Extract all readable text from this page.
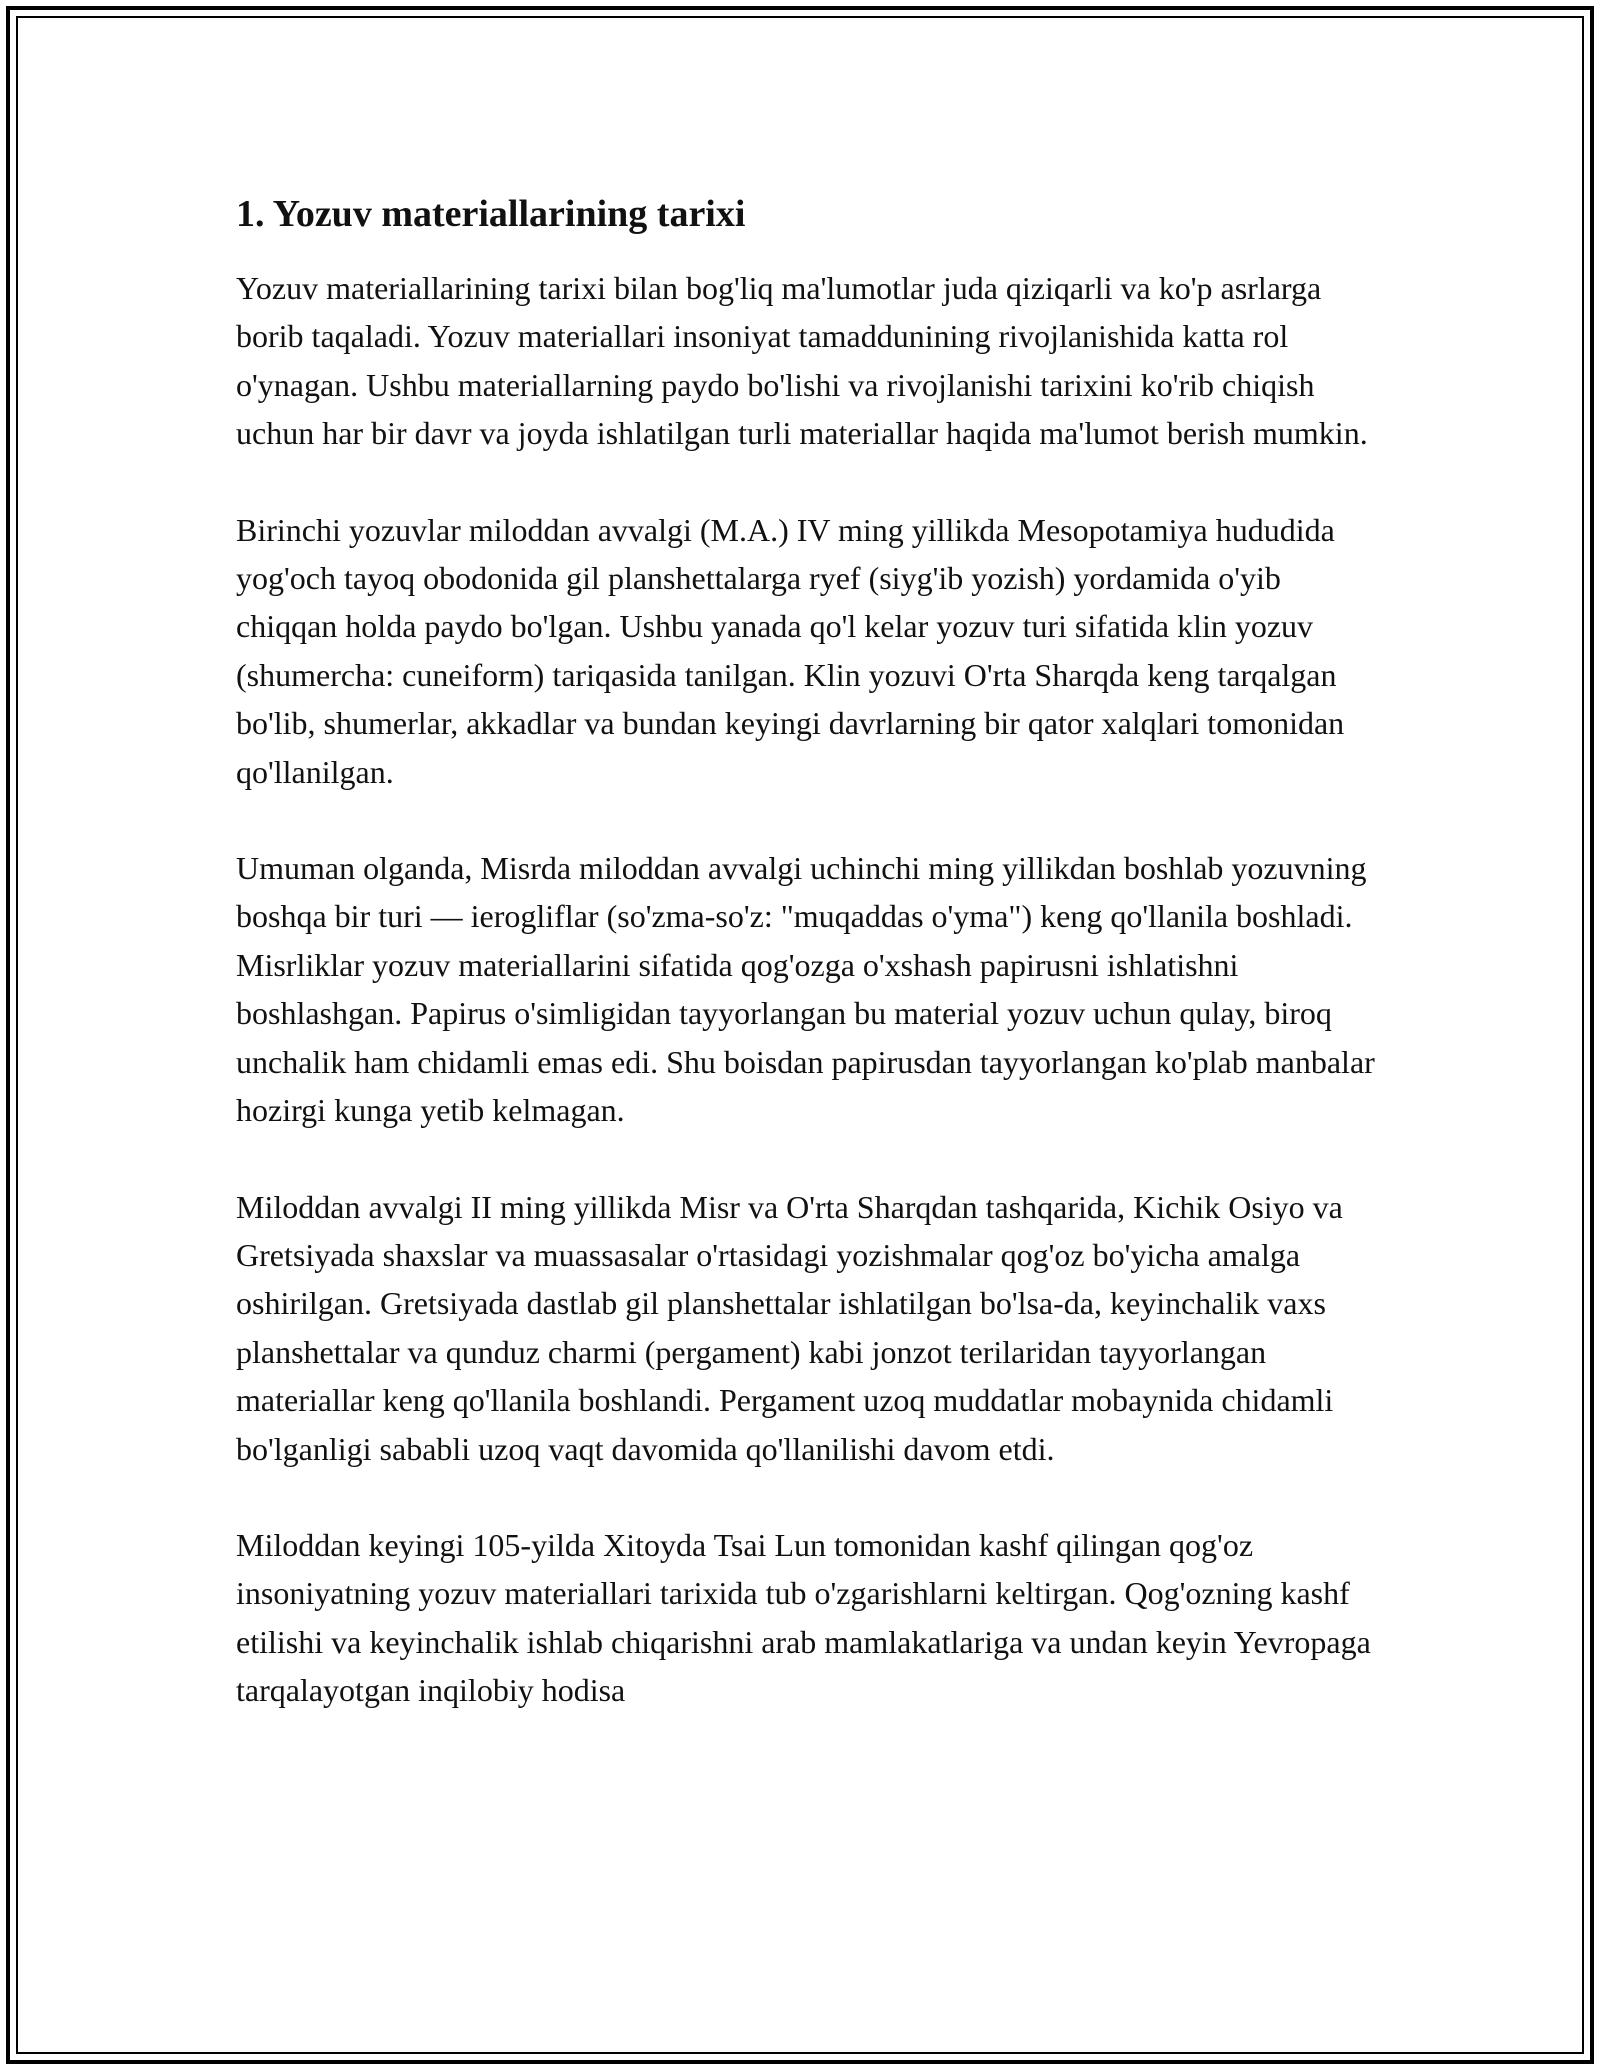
1. Yozuv materiallarining tarixi

Yozuv materiallarining tarixi bilan bog'liq ma'lumotlar juda qiziqarli va ko'p asrlarga borib taqaladi. Yozuv materiallari insoniyat tamaddunining rivojlanishida katta rol o'ynagan. Ushbu materiallarning paydo bo'lishi va rivojlanishi tarixini ko'rib chiqish uchun har bir davr va joyda ishlatilgan turli materiallar haqida ma'lumot berish mumkin.

Birinchi yozuvlar miloddan avvalgi (M.A.) IV ming yillikda Mesopotamiya hududida yog'och tayoq obodonida gil planshettalarga ryef (siyg'ib yozish) yordamida o'yib chiqqan holda paydo bo'lgan. Ushbu yanada qo'l kelar yozuv turi sifatida klin yozuv (shumercha: cuneiform) tariqasida tanilgan. Klin yozuvi O'rta Sharqda keng tarqalgan bo'lib, shumerlar, akkadlar va bundan keyingi davrlarning bir qator xalqlari tomonidan qo'llanilgan.

Umuman olganda, Misrda miloddan avvalgi uchinchi ming yillikdan boshlab yozuvning boshqa bir turi — ierogliflar (so'zma-so'z: "muqaddas o'yma") keng qo'llanila boshladi. Misrliklar yozuv materiallarini sifatida qog'ozga o'xshash papirusni ishlatishni boshlashgan. Papirus o'simligidan tayyorlangan bu material yozuv uchun qulay, biroq unchalik ham chidamli emas edi. Shu boisdan papirusdan tayyorlangan ko'plab manbalar hozirgi kunga yetib kelmagan.

Miloddan avvalgi II ming yillikda Misr va O'rta Sharqdan tashqarida, Kichik Osiyo va Gretsiyada shaxslar va muassasalar o'rtasidagi yozishmalar qog'oz bo'yicha amalga oshirilgan. Gretsiyada dastlab gil planshettalar ishlatilgan bo'lsa-da, keyinchalik vaxs planshettalar va qunduz charmi (pergament) kabi jonzot terilaridan tayyorlangan materiallar keng qo'llanila boshlandi. Pergament uzoq muddatlar mobaynida chidamli bo'lganligi sababli uzoq vaqt davomida qo'llanilishi davom etdi.

Miloddan keyingi 105-yilda Xitoyda Tsai Lun tomonidan kashf qilingan qog'oz insoniyatning yozuv materiallari tarixida tub o'zgarishlarni keltirgan. Qog'ozning kashf etilishi va keyinchalik ishlab chiqarishni arab mamlakatlariga va undan keyin Yevropaga tarqalayotgan inqilobiy hodisa
